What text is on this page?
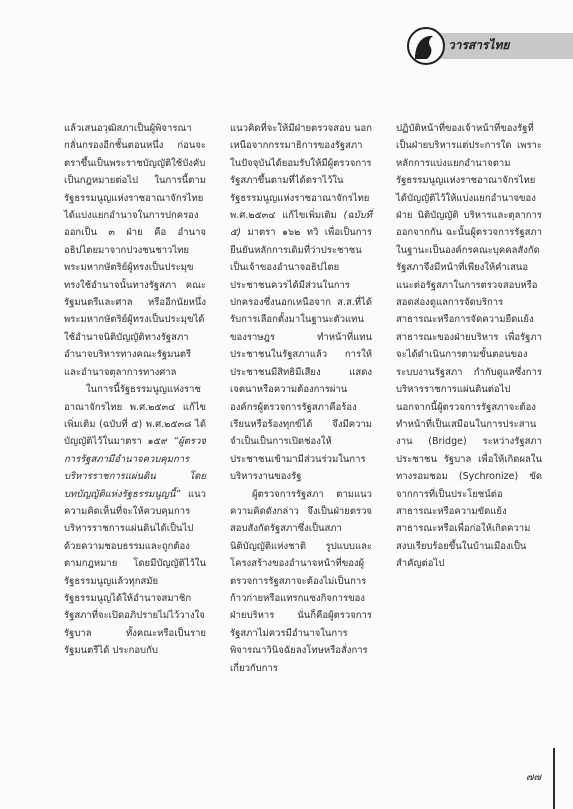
วารสารไทย

แล้วเสนอวุฒิสภาเป็นผู้พิจารณากลั่นกรองอีกชั้นตอนหนึ่ง ก่อนจะตราขึ้นเป็นพระราชบัญญัติใช้บังคับเป็นกฎหมายต่อไป ในการนี้ตามรัฐธรรมนูญแห่งราชอาณาจักรไทย ได้แบ่งแยกอำนาจในการปกครองออกเป็น ๓ ฝ่าย คือ อำนาจอธิปไตยมาจากปวงชนชาวไทย พระมหากษัตริย์ผู้ทรงเป็นประมุขทรงใช้อำนาจนั้นทางรัฐสภา คณะรัฐมนตรีและศาล หรืออีกนัยหนึ่งพระมหากษัตริย์ผู้ทรงเป็นประมุขได้ใช้อำนาจนิติบัญญัติทางรัฐสภา อำนาจบริหารทางคณะรัฐมนตรีและอำนาจตุลาการทางศาล

ในการนี้รัฐธรรมนูญแห่งราชอาณาจักรไทย พ.ศ.๒๕๓๔ แก้ไขเพิ่มเติม (ฉบับที่ ๕) พ.ศ.๒๕๓๘ ได้บัญญัติไว้ในมาตรา ๑๕๙ “ผู้ตรวจการรัฐสภามีอำนาจควบคุมการบริหารราชการแผ่นดิน โดยบทบัญญัติแห่งรัฐธรรมนูญนี้” แนวความคิดเห็นที่จะให้ควบคุมการบริหารราชการแผ่นดินได้เป็นไปด้วยความชอบธรรมและถูกต้องตามกฎหมาย โดยมีบัญญัติไว้ในรัฐธรรมนูญแล้วทุกสมัย รัฐธรรมนูญได้ให้อำนาจสมาชิกรัฐสภาที่จะเปิดอภิปรายไม่ไว้วางใจรัฐบาล ทั้งคณะหรือเป็นรายรัฐมนตรีได้ ประกอบกับ

แนวคิดที่จะให้มีฝ่ายตรวจสอบ นอกเหนือจากกรรมาธิการของรัฐสภา ในปัจจุบันได้ยอมรับให้มีผู้ตรวจการรัฐสภาขึ้นตามที่ได้ตราไว้ในรัฐธรรมนูญแห่งราชอาณาจักรไทย พ.ศ.๒๕๓๔ แก้ไขเพิ่มเติม (ฉบับที่ ๕) มาตรา ๑๖๒ ทวิ เพื่อเป็นการยืนยันหลักการเดิมที่ว่าประชาชนเป็นเจ้าของอำนาจอธิปไตย ประชาชนควรได้มีส่วนในการปกครองซึ่งนอกเหนือจาก ส.ส.ที่ได้รับการเลือกตั้งมาในฐานะตัวแทนของราษฎร ทำหน้าที่แทนประชาชนในรัฐสภาแล้ว การให้ประชาชนมีสิทธิมีเสียง แสดงเจตนาหรือความต้องการผ่านองค์กรผู้ตรวจการรัฐสภาคือร้องเรียนหรือร้องทุกข์ได้ จึงมีความจำเป็นเป็นการเปิดช่องให้ประชาชนเข้ามามีส่วนร่วมในการบริหารงานของรัฐ

ผู้ตรวจการรัฐสภา ตามแนวความคิดดังกล่าว จึงเป็นฝ่ายตรวจสอบสังกัดรัฐสภาซึ่งเป็นสภานิติบัญญัติแห่งชาติ รูปแบบและโครงสร้างของอำนาจหน้าที่ของผู้ตรวจการรัฐสภาจะต้องไม่เป็นการก้าวก่ายหรือแทรกแซงกิจการของฝ่ายบริหาร นั่นก็คือผู้ตรวจการรัฐสภาไม่ควรมีอำนาจในการพิจารณาวินิจฉัยลงโทษหรือสั่งการเกี่ยวกับการ

ปฏิบัติหน้าที่ของเจ้าหน้าที่ของรัฐที่เป็นฝ่ายบริหารแต่ประการใด เพราะหลักการแบ่งแยกอำนาจตามรัฐธรรมนูญแห่งราชอาณาจักรไทยได้บัญญัติไว้ให้แบ่งแยกอำนาจของฝ่าย นิติบัญญัติ บริหารและตุลาการออกจากกัน ฉะนั้นผู้ตรวจการรัฐสภาในฐานะเป็นองค์กรคณะบุคคลสังกัดรัฐสภาจึงมีหน้าที่เพียงให้คำเสนอแนะต่อรัฐสภาในการตรวจสอบหรือสอดส่องดูแลการจัดบริการสาธารณะหรือการจัดความยืดแย้งสาธารณะของฝ่ายบริหาร เพื่อรัฐภาจะได้ดำเนินการตามขั้นตอนของระบบงานรัฐสภา กำกับดูแลซึ่งการบริหารราชการแผ่นดินต่อไป นอกจากนี้ผู้ตรวจการรัฐสภาจะต้องทำหน้าที่เป็นเสมือนในการประสานงาน (Bridge) ระหว่างรัฐสภา ประชาชน รัฐบาล เพื่อให้เกิดผลในทางรอมชอม (Sychronize) ขัดจากการที่เป็นประโยชน์ต่อสาธารณะหรือความขัดแย้งสาธารณะหรือเพื่อก่อให้เกิดความสงบเรียบร้อยขึ้นในบ้านเมืองเป็นสำคัญต่อไป

๗๗
